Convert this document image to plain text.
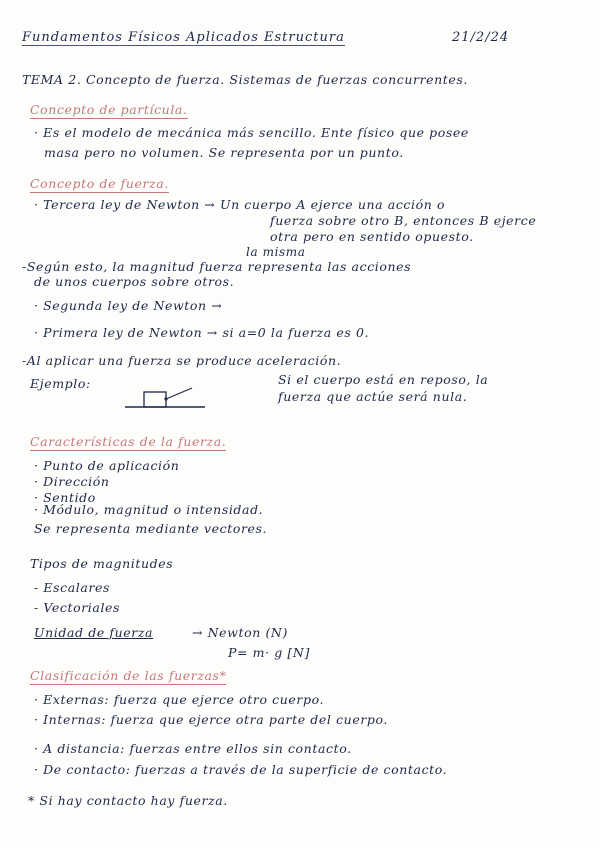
Fundamentos Físicos Aplicados Estructura	21/2/24
TEMA 2. Concepto de fuerza. Sistemas de fuerzas concurrentes.
Concepto de partícula.
· Es el modelo de mecánica más sencillo. Ente físico que posee
masa pero no volumen. Se representa por un punto.
Concepto de fuerza.
· Tercera ley de Newton → Un cuerpo A ejerce una acción o
fuerza sobre otro B, entonces B ejerce
otra pero en sentido opuesto.
la misma
-Según esto, la magnitud fuerza representa las acciones
de unos cuerpos sobre otros.
· Segunda ley de Newton →
· Primera ley de Newton → si a=0 la fuerza es 0.
-Al aplicar una fuerza se produce aceleración.
Ejemplo:	Si el cuerpo está en reposo, la
fuerza que actúe será nula.
Características de la fuerza.
· Punto de aplicación
· Dirección
· Sentido
· Módulo, magnitud o intensidad.
Se representa mediante vectores.
Tipos de magnitudes
- Escalares
- Vectoriales
Unidad de fuerza	→ Newton (N)
P= m· g [N]
Clasificación de las fuerzas*
· Externas: fuerza que ejerce otro cuerpo.
· Internas: fuerza que ejerce otra parte del cuerpo.
· A distancia: fuerzas entre ellos sin contacto.
· De contacto: fuerzas a través de la superficie de contacto.
* Si hay contacto hay fuerza.
